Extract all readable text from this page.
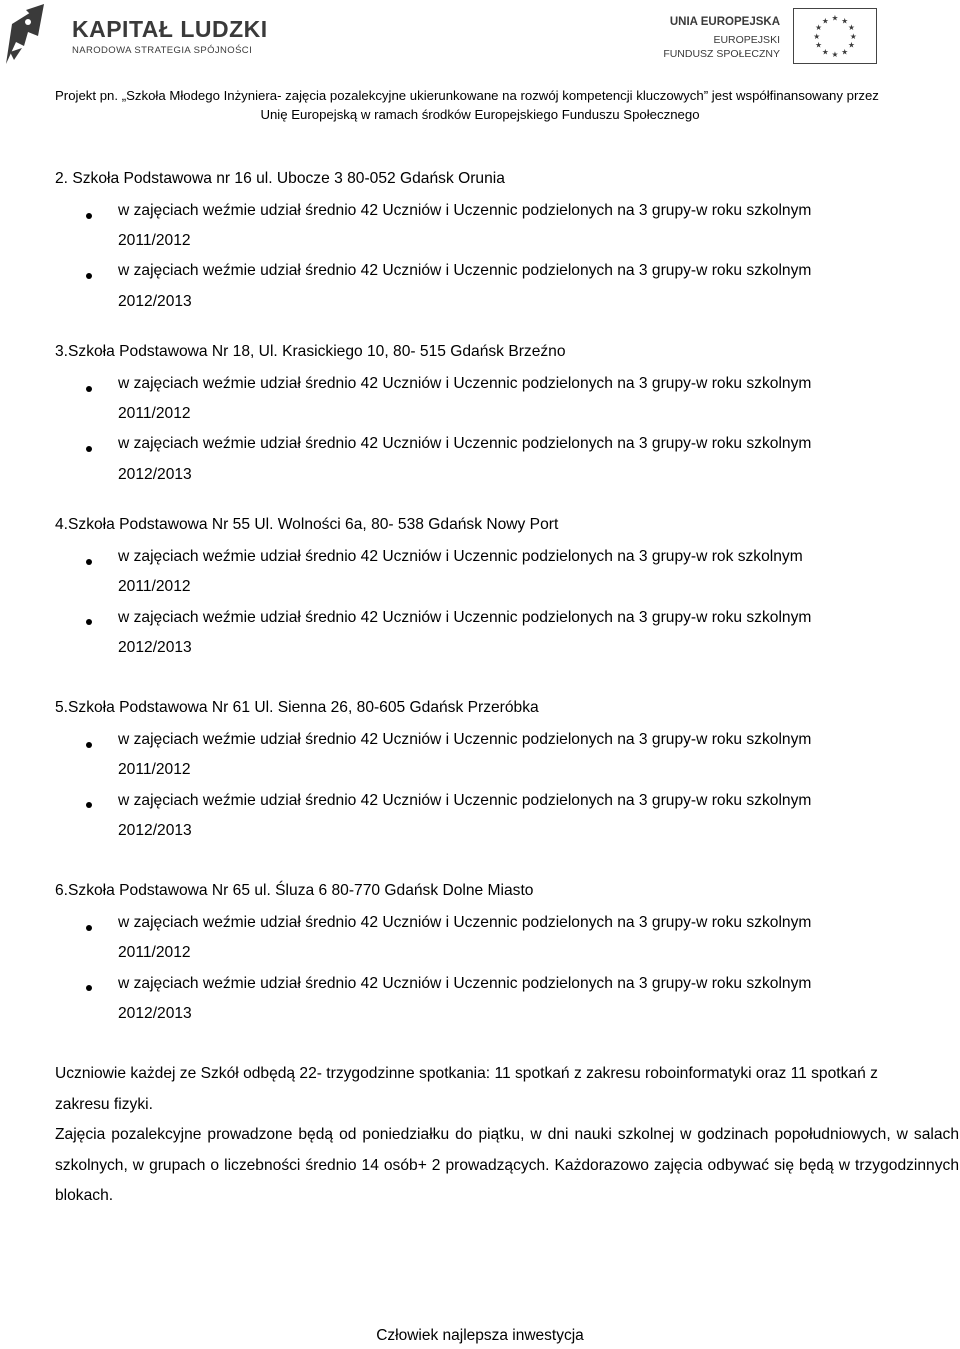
KAPITAŁ LUDZKI
NARODOWA STRATEGIA SPÓJNOŚCI
UNIA EUROPEJSKA
EUROPEJSKI
FUNDUSZ SPOŁECZNY
★ ★
★
★
★
★
★
★
★
★
★
★
Projekt pn. „Szkoła Młodego Inżyniera- zajęcia pozalekcyjne ukierunkowane na rozwój kompetencji kluczowych” jest współfinansowany przez
Unię Europejską w ramach środków Europejskiego Funduszu Społecznego
2. Szkoła Podstawowa nr 16 ul. Ubocze 3 80-052 Gdańsk Orunia
w zajęciach weźmie udział średnio 42 Uczniów i Uczennic podzielonych na 3 grupy-w roku szkolnym
2011/2012
w zajęciach weźmie udział średnio 42 Uczniów i Uczennic podzielonych na 3 grupy-w roku szkolnym
2012/2013
3.Szkoła Podstawowa Nr 18, Ul. Krasickiego 10, 80- 515 Gdańsk Brzeźno
w zajęciach weźmie udział średnio 42 Uczniów i Uczennic podzielonych na 3 grupy-w roku szkolnym
2011/2012
w zajęciach weźmie udział średnio 42 Uczniów i Uczennic podzielonych na 3 grupy-w roku szkolnym
2012/2013
4.Szkoła Podstawowa Nr 55 Ul. Wolności 6a, 80- 538 Gdańsk Nowy Port
w zajęciach weźmie udział średnio 42 Uczniów i Uczennic podzielonych na 3 grupy-w rok szkolnym
2011/2012
w zajęciach weźmie udział średnio 42 Uczniów i Uczennic podzielonych na 3 grupy-w roku szkolnym
2012/2013
5.Szkoła Podstawowa Nr 61 Ul. Sienna 26, 80-605 Gdańsk Przeróbka
w zajęciach weźmie udział średnio 42 Uczniów i Uczennic podzielonych na 3 grupy-w roku szkolnym
2011/2012
w zajęciach weźmie udział średnio 42 Uczniów i Uczennic podzielonych na 3 grupy-w roku szkolnym
2012/2013
6.Szkoła Podstawowa Nr 65 ul. Śluza 6 80-770 Gdańsk Dolne Miasto
w zajęciach weźmie udział średnio 42 Uczniów i Uczennic podzielonych na 3 grupy-w roku szkolnym
2011/2012
w zajęciach weźmie udział średnio 42 Uczniów i Uczennic podzielonych na 3 grupy-w roku szkolnym
2012/2013
Uczniowie każdej ze Szkół odbędą 22- trzygodzinne spotkania: 11 spotkań z zakresu roboinformatyki oraz 11 spotkań z zakresu fizyki.
Zajęcia pozalekcyjne prowadzone będą od poniedziałku do piątku, w dni nauki szkolnej w godzinach popołudniowych, w salach szkolnych, w grupach o liczebności średnio 14 osób+ 2 prowadzących. Każdorazowo zajęcia odbywać się będą w trzygodzinnych blokach.
Człowiek najlepsza inwestycja
